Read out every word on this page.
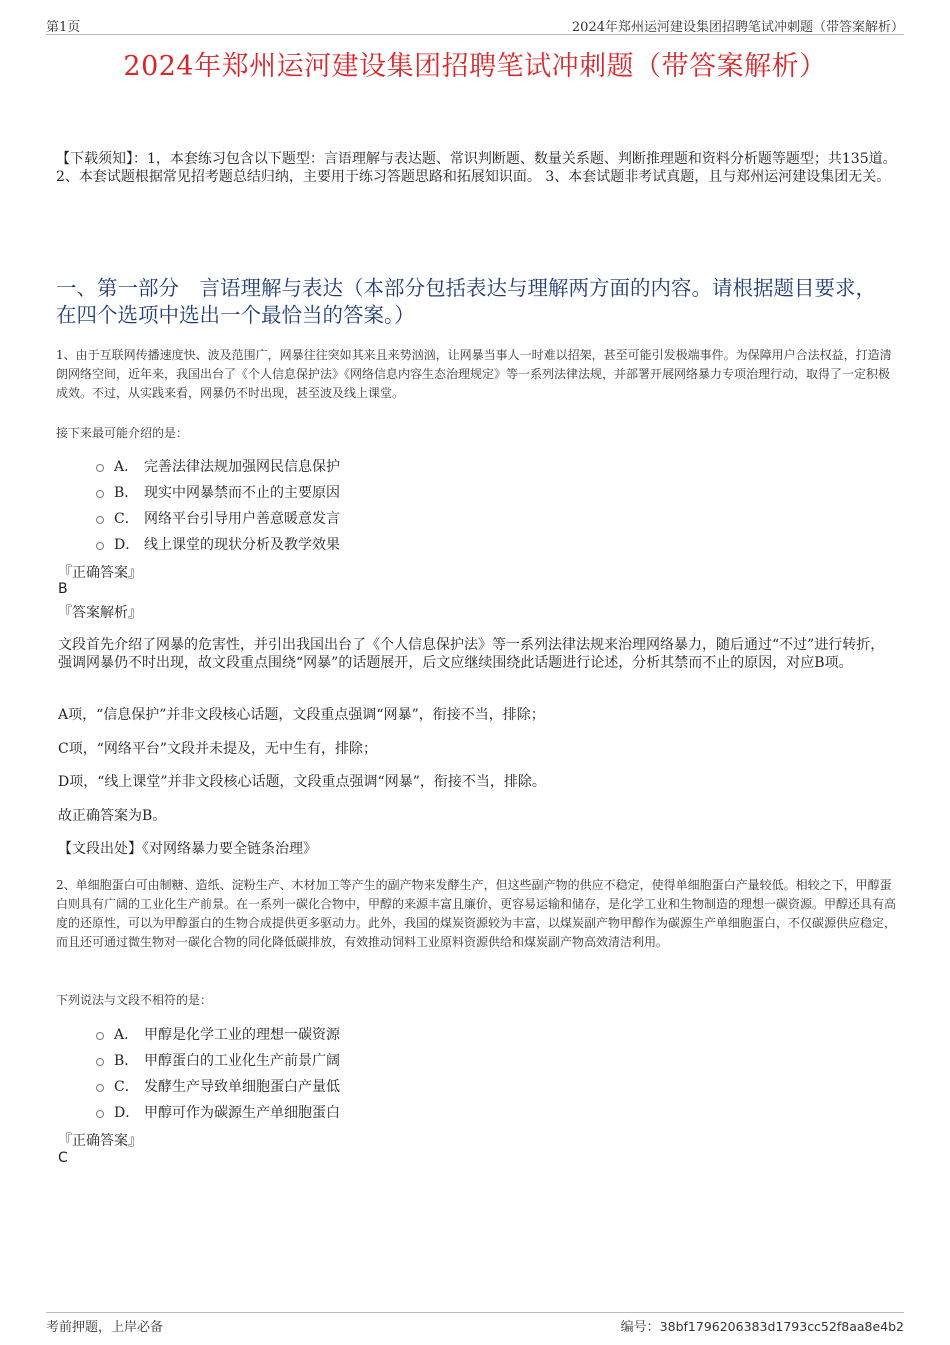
第1页	2024年郑州运河建设集团招聘笔试冲刺题（带答案解析）
2024年郑州运河建设集团招聘笔试冲刺题（带答案解析）
【下载须知】：1，本套练习包含以下题型：言语理解与表达题、常识判断题、数量关系题、判断推理题和资料分析题等题型；共135道。 2、本套试题根据常见招考题总结归纳，主要用于练习答题思路和拓展知识面。 3、本套试题非考试真题，且与郑州运河建设集团无关。
一、第一部分　言语理解与表达（本部分包括表达与理解两方面的内容。请根据题目要求，在四个选项中选出一个最恰当的答案。）
1、由于互联网传播速度快、波及范围广，网暴往往突如其来且来势汹汹，让网暴当事人一时难以招架，甚至可能引发极端事件。为保障用户合法权益，打造清朗网络空间，近年来，我国出台了《个人信息保护法》《网络信息内容生态治理规定》等一系列法律法规，并部署开展网络暴力专项治理行动，取得了一定积极成效。不过，从实践来看，网暴仍不时出现，甚至波及线上课堂。
接下来最可能介绍的是：
A． 完善法律法规加强网民信息保护
B． 现实中网暴禁而不止的主要原因
C． 网络平台引导用户善意暖意发言
D． 线上课堂的现状分析及教学效果
『正确答案』
B
『答案解析』
文段首先介绍了网暴的危害性，并引出我国出台了《个人信息保护法》等一系列法律法规来治理网络暴力，随后通过“不过”进行转折，强调网暴仍不时出现，故文段重点围绕“网暴”的话题展开，后文应继续围绕此话题进行论述，分析其禁而不止的原因，对应B项。
A项，“信息保护”并非文段核心话题，文段重点强调“网暴”，衔接不当，排除；
C项，“网络平台”文段并未提及，无中生有，排除；
D项，“线上课堂”并非文段核心话题，文段重点强调“网暴”，衔接不当，排除。
故正确答案为B。
【文段出处】《对网络暴力要全链条治理》
2、单细胞蛋白可由制糖、造纸、淀粉生产、木材加工等产生的副产物来发酵生产，但这些副产物的供应不稳定，使得单细胞蛋白产量较低。相较之下，甲醇蛋白则具有广阔的工业化生产前景。在一系列一碳化合物中，甲醇的来源丰富且廉价，更容易运输和储存，是化学工业和生物制造的理想一碳资源。甲醇还具有高度的还原性，可以为甲醇蛋白的生物合成提供更多驱动力。此外，我国的煤炭资源较为丰富，以煤炭副产物甲醇作为碳源生产单细胞蛋白，不仅碳源供应稳定，而且还可通过微生物对一碳化合物的同化降低碳排放，有效推动饲料工业原料资源供给和煤炭副产物高效清洁利用。
下列说法与文段不相符的是：
A． 甲醇是化学工业的理想一碳资源
B． 甲醇蛋白的工业化生产前景广阔
C． 发酵生产导致单细胞蛋白产量低
D． 甲醇可作为碳源生产单细胞蛋白
『正确答案』
C
考前押题，上岸必备	编号：38bf1796206383d1793cc52f8aa8e4b2
